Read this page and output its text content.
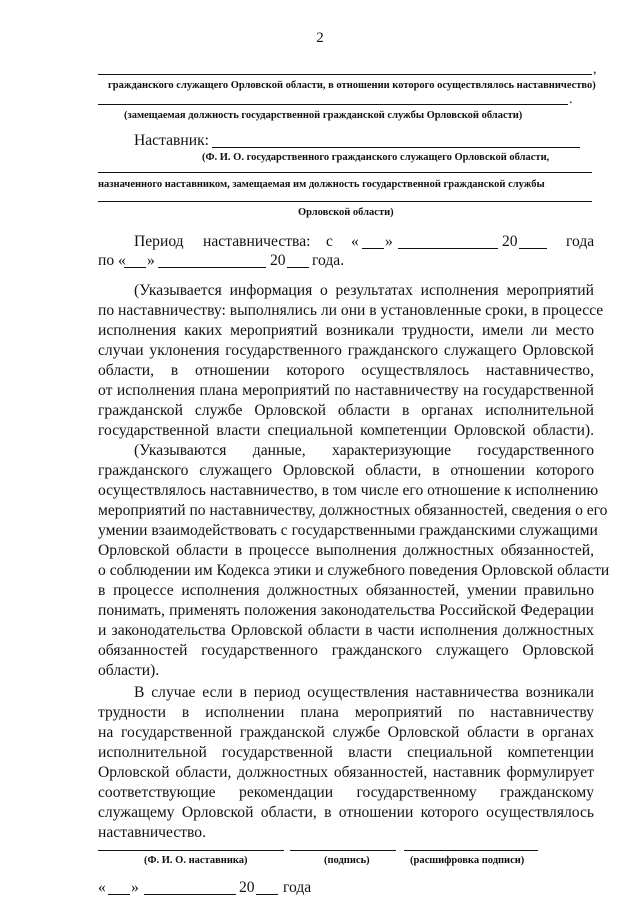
2
,
гражданского служащего Орловской области, в отношении которого осуществлялось наставничество)
.
(замещаемая должность государственной гражданской службы Орловской области)
Наставник:
(Ф. И. О. государственного гражданского служащего Орловской области,
назначенного наставником, замещаемая им должность государственной гражданской службы
Орловской области)
Период наставничества: с « »	20	года
по « »	20 года.
(Указывается информация о результатах исполнения мероприятий
по наставничеству: выполнялись ли они в установленные сроки, в процессе
исполнения каких мероприятий возникали трудности, имели ли место
случаи уклонения государственного гражданского служащего Орловской
области, в отношении которого осуществлялось наставничество,
от исполнения плана мероприятий по наставничеству на государственной
гражданской службе Орловской области в органах исполнительной
государственной власти специальной компетенции Орловской области).
(Указываются данные, характеризующие государственного
гражданского служащего Орловской области, в отношении которого
осуществлялось наставничество, в том числе его отношение к исполнению
мероприятий по наставничеству, должностных обязанностей, сведения о его
умении взаимодействовать с государственными гражданскими служащими
Орловской области в процессе выполнения должностных обязанностей,
о соблюдении им Кодекса этики и служебного поведения Орловской области
в процессе исполнения должностных обязанностей, умении правильно
понимать, применять положения законодательства Российской Федерации
и законодательства Орловской области в части исполнения должностных
обязанностей государственного гражданского служащего Орловской
области).
В случае если в период осуществления наставничества возникали
трудности в исполнении плана мероприятий по наставничеству
на государственной гражданской службе Орловской области в органах
исполнительной государственной власти специальной компетенции
Орловской области, должностных обязанностей, наставник формулирует
соответствующие рекомендации государственному гражданскому
служащему Орловской области, в отношении которого осуществлялось
наставничество.
(Ф. И. О. наставника)	(подпись)	(расшифровка подписи)
« »	20 года
